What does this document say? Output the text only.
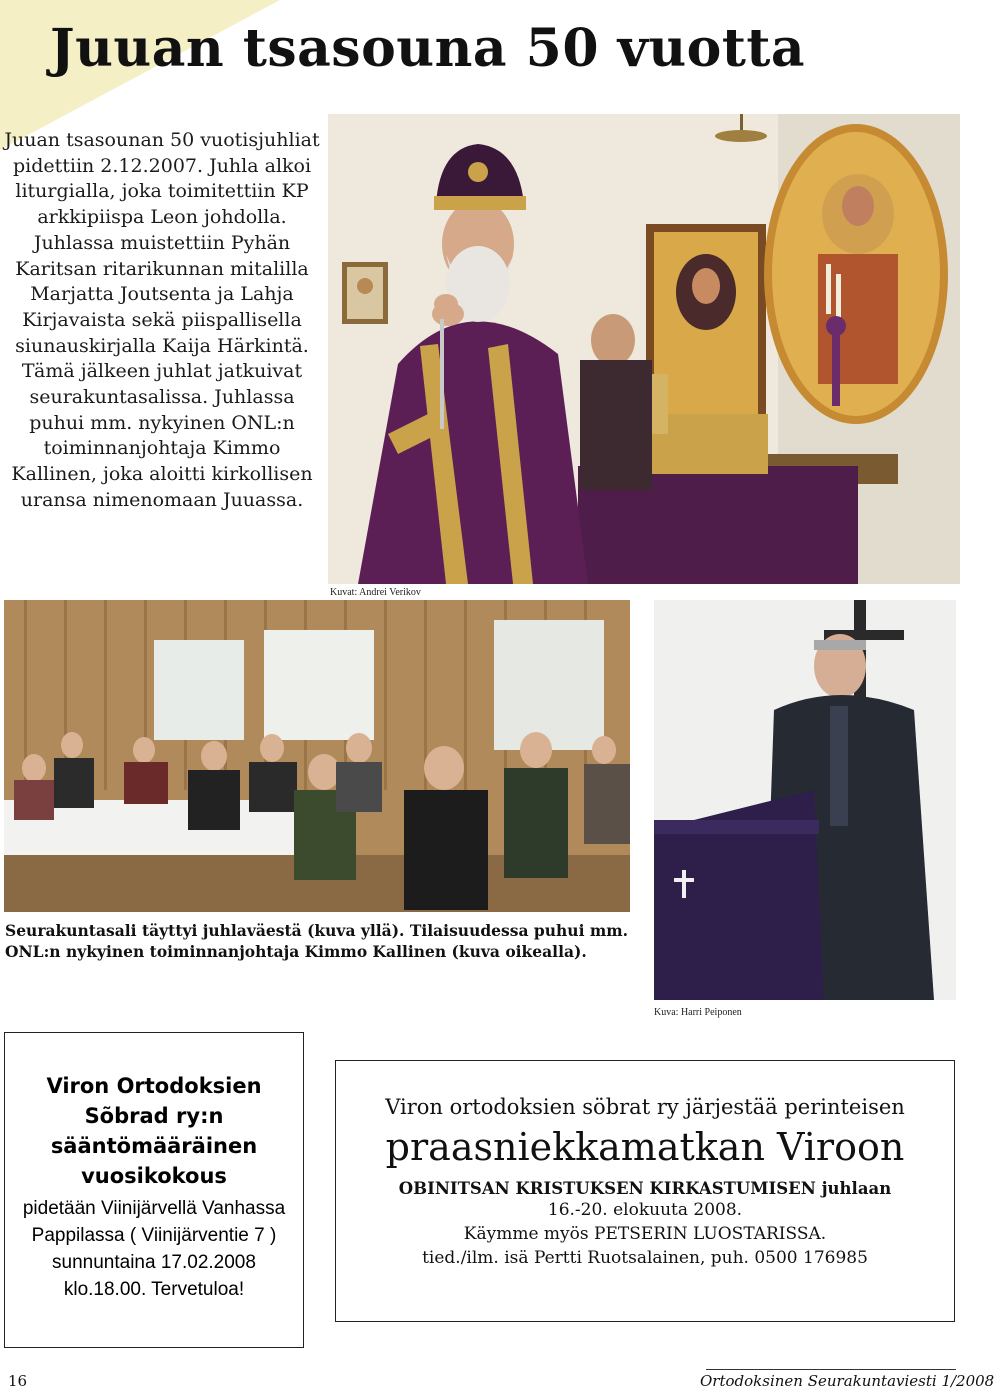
Juuan tsasouna 50 vuotta
Juuan tsasounan 50 vuotisjuhliat pidettiin 2.12.2007. Juhla alkoi liturgialla, joka toimitettiin KP arkkipiispa Leon johdolla. Juhlassa muistettiin Pyhän Karitsan ritarikunnan mitalilla Marjatta Joutsenta ja Lahja Kirjavaista sekä piispallisella siunauskirjalla Kaija Härkintä. Tämä jälkeen juhlat jatkuivat seurakuntasalissa. Juhlassa puhui mm. nykyinen ONL:n toiminnanjohtaja Kimmo Kallinen, joka aloitti kirkollisen uransa nimenomaan Juuassa.
Kuvat: Andrei Verikov
Seurakuntasali täyttyi juhlaväestä (kuva yllä). Tilaisuudessa puhui mm. ONL:n nykyinen toiminnanjohtaja Kimmo Kallinen (kuva oikealla).
Kuva: Harri Peiponen
Viron Ortodoksien Sõbrad ry:n sääntömääräinen vuosikokous
pidetään Viinijärvellä Vanhassa Pappilassa ( Viinijärventie 7 ) sunnuntaina 17.02.2008 klo.18.00. Tervetuloa!
Viron ortodoksien söbrat ry järjestää perinteisen
praasniekkamatkan Viroon
OBINITSAN KRISTUKSEN KIRKASTUMISEN juhlaan
16.-20. elokuuta 2008.
Käymme myös PETSERIN LUOSTARISSA.
tied./ilm. isä Pertti Ruotsalainen, puh. 0500 176985
16	Ortodoksinen Seurakuntaviesti 1/2008
